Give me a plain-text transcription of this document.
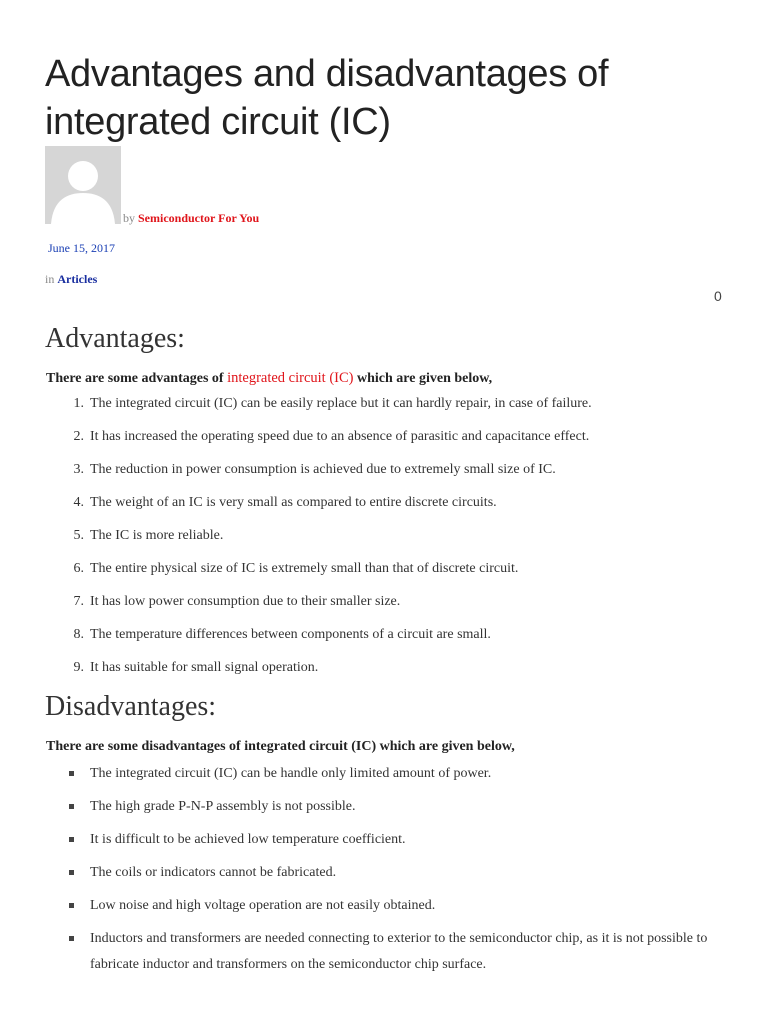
Advantages and disadvantages of integrated circuit (IC)
by Semiconductor For You
June 15, 2017
in Articles
0
Advantages:
There are some advantages of integrated circuit (IC) which are given below,
1. The integrated circuit (IC) can be easily replace but it can hardly repair, in case of failure.
2. It has increased the operating speed due to an absence of parasitic and capacitance effect.
3. The reduction in power consumption is achieved due to extremely small size of IC.
4. The weight of an IC is very small as compared to entire discrete circuits.
5. The IC is more reliable.
6. The entire physical size of IC is extremely small than that of discrete circuit.
7. It has low power consumption due to their smaller size.
8. The temperature differences between components of a circuit are small.
9. It has suitable for small signal operation.
Disadvantages:
There are some disadvantages of integrated circuit (IC) which are given below,
The integrated circuit (IC) can be handle only limited amount of power.
The high grade P-N-P assembly is not possible.
It is difficult to be achieved low temperature coefficient.
The coils or indicators cannot be fabricated.
Low noise and high voltage operation are not easily obtained.
Inductors and transformers are needed connecting to exterior to the semiconductor chip, as it is not possible to fabricate inductor and transformers on the semiconductor chip surface.
